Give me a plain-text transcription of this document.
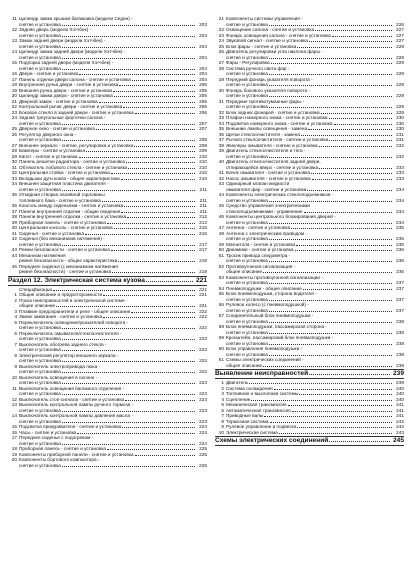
11 Цилиндр замка крышки багажника (модели Седан) -
снятие и установка	203
12 Задняя дверь (модели Хэтчбек) -
снятие и установка	203
13 Замок задней двери (модели Хэтчбек) -
снятие и установка	204
14 Цилиндр замка задней двери (модели Хэтчбек) -
снятие и установка	204
15 Подпорка задней двери (модели Хэтчбек) -
снятие и установка	204
16 Двери - снятие и установка	204
17 Панель отделки двери салона - снятие и установка	204
18 Внутренняя ручка двери - снятие и установка	205
19 Внешняя ручка двери - снятие и установка	205
20 Цилиндр замка двери - снятие и установка	205
21 Дверной замок - снятие и установка	206
22 Контрольный рычаг двери - снятие и установка	206
23 Боковое стекло в задней двери - снятие и установка	206
24 Задние треугольные форточки салона -
снятие и установка	207
25 Дверное окно - снятие и установка	207
26 Регулятор дверного окна -
снятие и установка	208
27 Внешнее зеркало - снятие, регулировка и установка	208
28 Бамперы - снятие и установка	209
29 Капот - снятие и установка	210
30 Панель решетки радиатора - снятие и установка	210
31 Обтекатель лобового стекла - снятие и установка	210
32 Центральная стойка - снятие и установка	210
33 Вкладыши дуги кокпа - общее характеристики	210
34 Внешняя защитная пластина двигателя -
снятие и установка	211
35 Откидная створка наливной горловины
топливного бака - снятие и установка	211
36 Консоль между сиденьями - снятие и установка	211
37 Панели внутренней отделки - общие сведения	211
38 Панели внутренней отделки - снятие и установка	212
39 Приборная панель - снятие и установка	213
40 Центральная консоль - снятие и установка	215
41 Сиденья - снятие и установка	216
42 Сиденья (без механизмов натяжения) -
снятие и установка	217
43 Ремни безопасности - снятие и установка	217
44 Механизм натяжения
ремня безопасности - общее характеристики	219
45 Переднее сиденья (с механизмом натяжения
ремня безопасности) - снятие и установка	219
Раздел 12. Электрическая система кузова	221
Спецификации	221
1 Общие описание и предосторожности	221
2 Поиск неисправностей в электрической системе -
общее описание	221
3 Плавкие предохранители и реле - общее описание	222
4 Замок зажигания - снятие и установка	222
5 Переключатель освещения/указателей поворота -
снятие и установка	222
6 Переключатель омывателя/стеклоочистителя -
снятие и установка	222
7 Выключатель обогрева заднего стекла -
снятие и установка	222
8 Электрический регулятор внешнего зеркала -
снятие и установка	222
9 Выключатель электропривода люка -
снятие и установка	222
10 Выключатель освещения в салоне -
снятие и установка	223
11 Выключатель освещения багажного отделения -
снятие и установка	223
12 Выключатель стоп-сигнала - снятие и установка	223
13 Выключатель контрольной лампы ручного тормоза -
снятие и установка	223
14 Выключатель контрольной лампы давления масла -
снятие и установка	223
15 Подсветка прикуривателя - снятие и установка	224
16 Часы - снятие и установка	224
17 Переднее сиденье с подогревом -
снятие и установка	224
18 Приборная панель - снятие и установка	225
19 Компоненты приборной панели - снятие и установка	225
20 Компоненты бортового компьютера -
снятие и установка	225
21 Компоненты системы управления -
снятие и установка	226
22 Освещение салона - снятие и установка	227
23 Фонарь освещения салона - снятие и установка	227
24 Звуковой сигнал - снятие и установка	227
25 Блок фары - снятие и установка	228
26 Двигатель регулировки угла наклона фары -
снятие и установка	228
27 Фары - Регулировка	229
28 Система ручного света фар -
снятие и установка	229
29 Передний фонарь указателя поворота -
снятие и установка	229
30 Фонарь бокового указателя поворота -
снятие и установка	229
31 Передние противотуманные фары -
снятие и установка	229
32 Блок задних фонарей - снятие и установка	229
33 Плафон номерного знака - снятие и установка	230
34 Подсветка номерного знака - снятие и установка	230
35 Внешние лампы освещения - замена	230
36 Щетки стеклоочистителя - замена	231
37 Рычаги стеклоочистителя - снятие и установка	231
38 Жиклеры омывателя - снятие и установка	232
39 Двигатель стеклоочистителя и тяга -
снятие и установка	232
40 Двигатель стеклоочистителя задней двери,
отпирающейся вверх - снятие и установка	233
41 Бачок омывателя - снятие и установка	233
42 Насос омывателя - снятие и установка	233
43 Одинарный клапан жидкости
омывателя фар - снятие и установка	234
44 Компоненты электрических стеклоподъемников -
снятие и установка	234
45 Средство управления электрическими
стеклоподъемниками - управление	234
46 Компоненты центрального блокирования дверей -
снятие и установка	234
47 Антенна - снятие и установка	235
48 Антенна с электрическим приводом -
снятие и установка	235
49 Магнитола - снятие и установка	235
50 Динамики - снятие и установка	236
51 Тросик привода спидометра -
снятие и установка	236
52 Противоугонная сигнализация -
общее описание	236
53 Компоненты противоугонной сигнализации -
снятие и установка	237
54 Пневмоподушки - общее описание	237
55 Блок пневмоподушки, сторона водителя -
снятие и установка	237
56 Рулевое колесо (с пневмоподушкой) -
снятие и установка	237
57 Соединительный блок пневмоподушки -
снятие и установка	238
58 Блок пневмоподушки, пассажирская сторона -
снятие и установка	238
59 Кронштейн, пассажирский блок пневмоподушки -
снятие и установка	238
60 Блок управления пневмоподушки -
снятие и установка	238
61 Схемы электрических соединений -
общее описание	239
Выявление неисправностей	239
1 Двигатель	239
2 Система охлаждения	240
3 Топливная и выхлопная системы	240
4 Сцепление	240
5 Механическая трансмиссия	241
6 Автоматическая трансмиссия	241
7 Приводные валы	241
8 Тормозная система	242
9 Рулевое управление и подвеска	242
10 Электрическая система	243
Схемы электрических соединений	245
